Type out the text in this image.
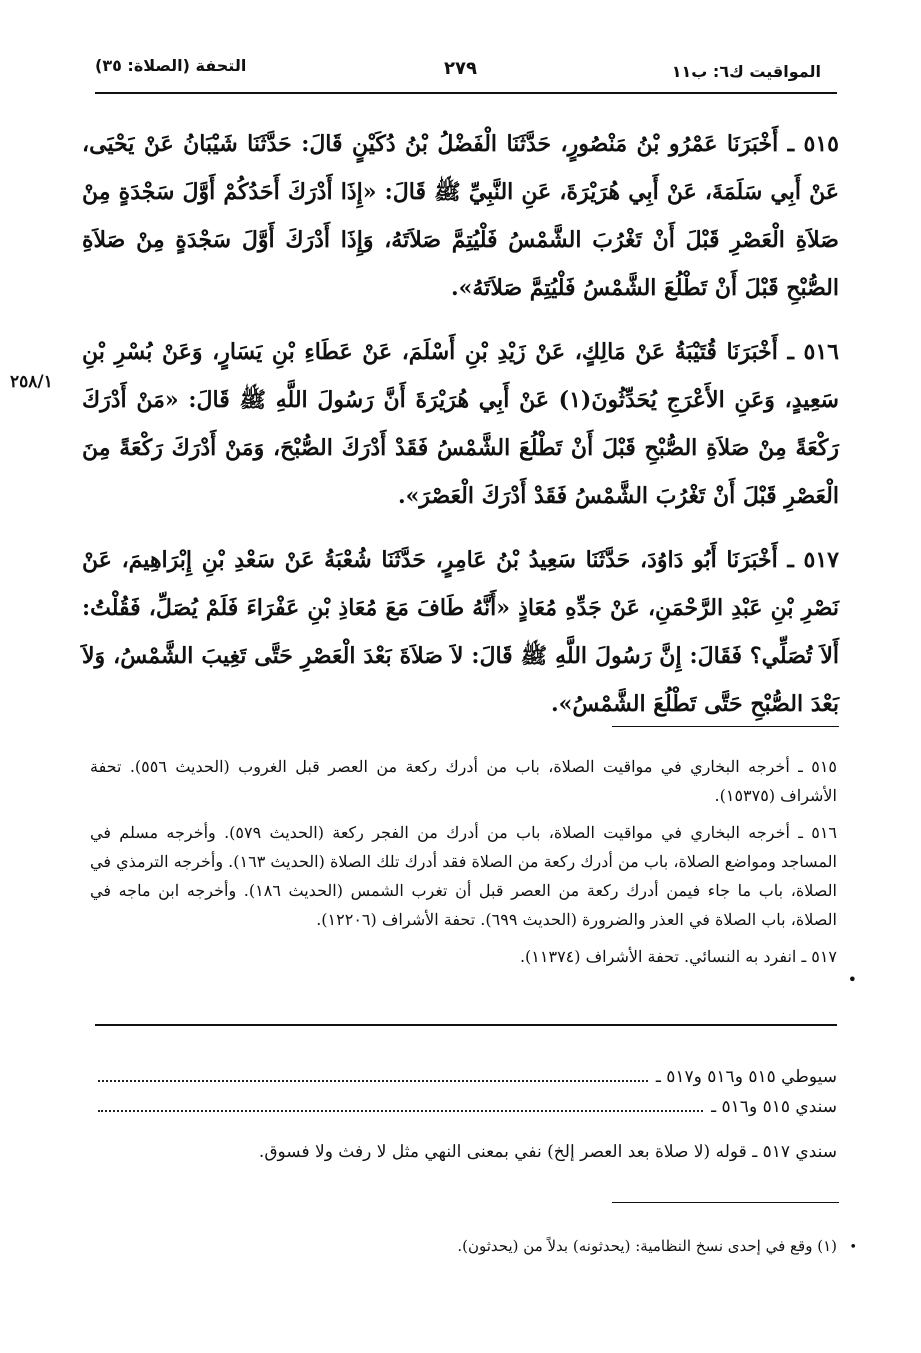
المواقيت ك٦: ب١١
٢٧٩
التحفة (الصلاة: ٣٥)

٥١٥ ـ أَخْبَرَنَا عَمْرُو بْنُ مَنْصُورٍ، حَدَّثَنَا الْفَضْلُ بْنُ دُكَيْنٍ قَالَ: حَدَّثَنَا شَيْبَانُ عَنْ يَحْيَى، عَنْ أَبِي سَلَمَةَ، عَنْ أَبِي هُرَيْرَةَ، عَنِ النَّبِيِّ ﷺ قَالَ: «إِذَا أَدْرَكَ أَحَدُكُمْ أَوَّلَ سَجْدَةٍ مِنْ صَلاَةِ الْعَصْرِ قَبْلَ أَنْ تَغْرُبَ الشَّمْسُ فَلْيُتِمَّ صَلاَتَهُ، وَإِذَا أَدْرَكَ أَوَّلَ سَجْدَةٍ مِنْ صَلاَةِ الصُّبْحِ قَبْلَ أَنْ تَطْلُعَ الشَّمْسُ فَلْيُتِمَّ صَلاَتَهُ».

٥١٦ ـ أَخْبَرَنَا قُتَيْبَةُ عَنْ مَالِكٍ، عَنْ زَيْدِ بْنِ أَسْلَمَ، عَنْ عَطَاءِ بْنِ يَسَارٍ، وَعَنْ بُسْرِ بْنِ سَعِيدٍ، وَعَنِ الأَعْرَجِ يُحَدِّثُونَ(١) عَنْ أَبِي هُرَيْرَةَ أَنَّ رَسُولَ اللَّهِ ﷺ قَالَ: «مَنْ أَدْرَكَ رَكْعَةً مِنْ صَلاَةِ الصُّبْحِ قَبْلَ أَنْ تَطْلُعَ الشَّمْسُ فَقَدْ أَدْرَكَ الصُّبْحَ، وَمَنْ أَدْرَكَ رَكْعَةً مِنَ الْعَصْرِ قَبْلَ أَنْ تَغْرُبَ الشَّمْسُ فَقَدْ أَدْرَكَ الْعَصْرَ».

٥١٧ ـ أَخْبَرَنَا أَبُو دَاوُدَ، حَدَّثَنَا سَعِيدُ بْنُ عَامِرٍ، حَدَّثَنَا شُعْبَةُ عَنْ سَعْدِ بْنِ إِبْرَاهِيمَ، عَنْ نَصْرِ بْنِ عَبْدِ الرَّحْمَنِ، عَنْ جَدِّهِ مُعَاذٍ «أَنَّهُ طَافَ مَعَ مُعَاذِ بْنِ عَفْرَاءَ فَلَمْ يُصَلِّ، فَقُلْتُ: أَلاَ تُصَلِّي؟ فَقَالَ: إِنَّ رَسُولَ اللَّهِ ﷺ قَالَ: لاَ صَلاَةَ بَعْدَ الْعَصْرِ حَتَّى تَغِيبَ الشَّمْسُ، وَلاَ بَعْدَ الصُّبْحِ حَتَّى تَطْلُعَ الشَّمْسُ».

٢٥٨/١

٥١٥ ـ أخرجه البخاري في مواقيت الصلاة، باب من أدرك ركعة من العصر قبل الغروب (الحديث ٥٥٦). تحفة الأشراف (١٥٣٧٥).

٥١٦ ـ أخرجه البخاري في مواقيت الصلاة، باب من أدرك من الفجر ركعة (الحديث ٥٧٩). وأخرجه مسلم في المساجد ومواضع الصلاة، باب من أدرك ركعة من الصلاة فقد أدرك تلك الصلاة (الحديث ١٦٣). وأخرجه الترمذي في الصلاة، باب ما جاء فيمن أدرك ركعة من العصر قبل أن تغرب الشمس (الحديث ١٨٦). وأخرجه ابن ماجه في الصلاة، باب الصلاة في العذر والضرورة (الحديث ٦٩٩). تحفة الأشراف (١٢٢٠٦).

٥١٧ ـ انفرد به النسائي. تحفة الأشراف (١١٣٧٤).

•
سيوطي ٥١٥ و٥١٦ و٥١٧ ـ
سندي ٥١٥ و٥١٦ ـ
سندي ٥١٧ ـ قوله (لا صلاة بعد العصر إلخ) نفي بمعنى النهي مثل لا رفث ولا فسوق.
•
(١) وقع في إحدى نسخ النظامية: (يحدثونه) بدلاً من (يحدثون).
